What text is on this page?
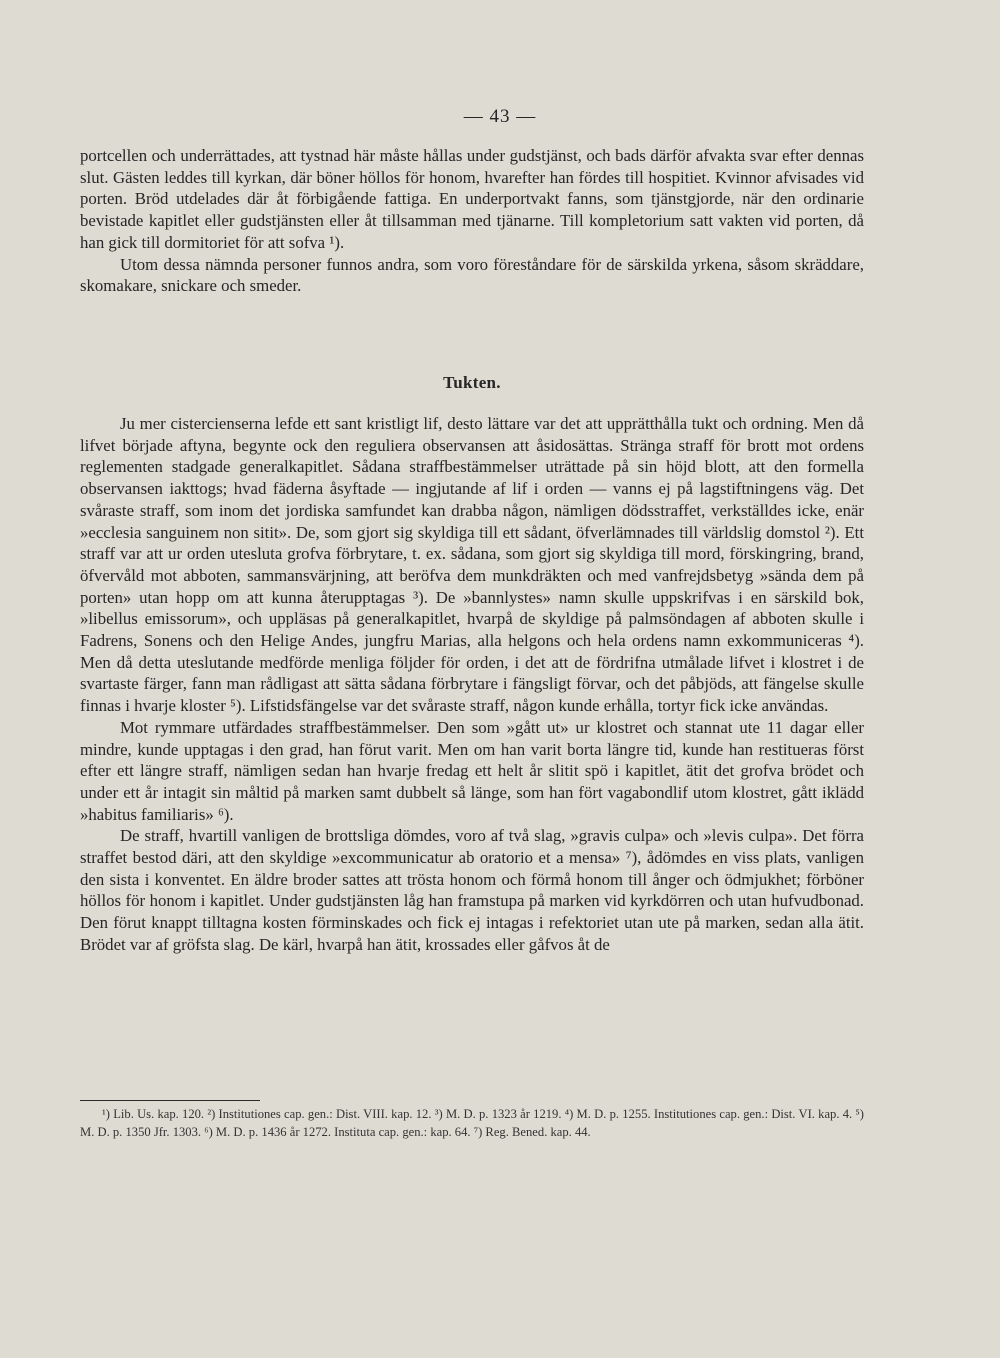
— 43 —

portcellen och underrättades, att tystnad här måste hållas under gudstjänst, och bads därför afvakta svar efter dennas slut. Gästen leddes till kyrkan, där böner höllos för honom, hvarefter han fördes till hospitiet. Kvinnor afvisades vid porten. Bröd utdelades där åt förbigående fattiga. En underportvakt fanns, som tjänstgjorde, när den ordinarie bevistade kapitlet eller gudstjänsten eller åt tillsamman med tjänarne. Till kompletorium satt vakten vid porten, då han gick till dormitoriet för att sofva ¹).

Utom dessa nämnda personer funnos andra, som voro föreståndare för de särskilda yrkena, såsom skräddare, skomakare, snickare och smeder.

Tukten.

Ju mer cistercienserna lefde ett sant kristligt lif, desto lättare var det att upprätthålla tukt och ordning. Men då lifvet började aftyna, begynte ock den reguliera observansen att åsidosättas. Stränga straff för brott mot ordens reglementen stadgade generalkapitlet. Sådana straffbestämmelser uträttade på sin höjd blott, att den formella observansen iakttogs; hvad fäderna åsyftade — ingjutande af lif i orden — vanns ej på lagstiftningens väg. Det svåraste straff, som inom det jordiska samfundet kan drabba någon, nämligen dödsstraffet, verkställdes icke, enär »ecclesia sanguinem non sitit». De, som gjort sig skyldiga till ett sådant, öfverlämnades till världslig domstol ²). Ett straff var att ur orden utesluta grofva förbrytare, t. ex. sådana, som gjort sig skyldiga till mord, förskingring, brand, öfvervåld mot abboten, sammansvärjning, att beröfva dem munkdräkten och med vanfrejdsbetyg »sända dem på porten» utan hopp om att kunna återupptagas ³). De »bannlystes» namn skulle uppskrifvas i en särskild bok, »libellus emissorum», och uppläsas på generalkapitlet, hvarpå de skyldige på palmsöndagen af abboten skulle i Fadrens, Sonens och den Helige Andes, jungfru Marias, alla helgons och hela ordens namn exkommuniceras ⁴). Men då detta uteslutande medförde menliga följder för orden, i det att de fördrifna utmålade lifvet i klostret i de svartaste färger, fann man rådligast att sätta sådana förbrytare i fängsligt förvar, och det påbjöds, att fängelse skulle finnas i hvarje kloster ⁵). Lifstidsfängelse var det svåraste straff, någon kunde erhålla, tortyr fick icke användas.

Mot rymmare utfärdades straffbestämmelser. Den som »gått ut» ur klostret och stannat ute 11 dagar eller mindre, kunde upptagas i den grad, han förut varit. Men om han varit borta längre tid, kunde han restitueras först efter ett längre straff, nämligen sedan han hvarje fredag ett helt år slitit spö i kapitlet, ätit det grofva brödet och under ett år intagit sin måltid på marken samt dubbelt så länge, som han fört vagabondlif utom klostret, gått iklädd »habitus familiaris» ⁶).

De straff, hvartill vanligen de brottsliga dömdes, voro af två slag, »gravis culpa» och »levis culpa». Det förra straffet bestod däri, att den skyldige »excommunicatur ab oratorio et a mensa» ⁷), ådömdes en viss plats, vanligen den sista i konventet. En äldre broder sattes att trösta honom och förmå honom till ånger och ödmjukhet; förböner höllos för honom i kapitlet. Under gudstjänsten låg han framstupa på marken vid kyrkdörren och utan hufvudbonad. Den förut knappt tilltagna kosten förminskades och fick ej intagas i refektoriet utan ute på marken, sedan alla ätit. Brödet var af gröfsta slag. De kärl, hvarpå han ätit, krossades eller gåfvos åt de

¹) Lib. Us. kap. 120. ²) Institutiones cap. gen.: Dist. VIII. kap. 12. ³) M. D. p. 1323 år 1219. ⁴) M. D. p. 1255. Institutiones cap. gen.: Dist. VI. kap. 4. ⁵) M. D. p. 1350 Jfr. 1303. ⁶) M. D. p. 1436 år 1272. Instituta cap. gen.: kap. 64. ⁷) Reg. Bened. kap. 44.
